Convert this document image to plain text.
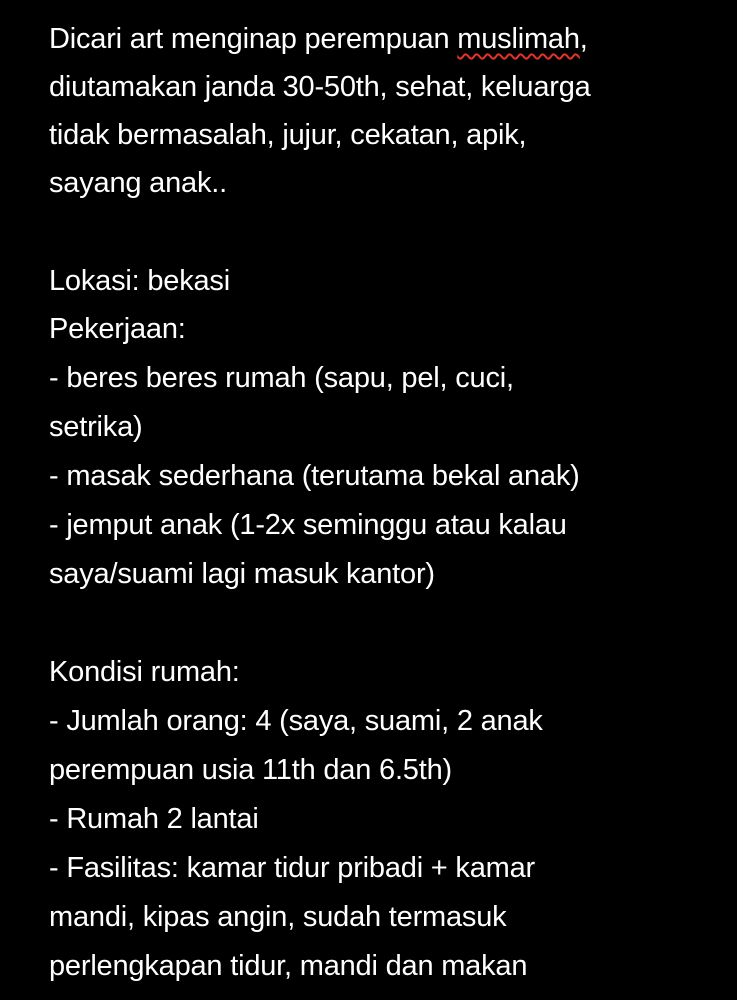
Dicari art menginap perempuan muslimah,
diutamakan janda 30-50th, sehat, keluarga
tidak bermasalah, jujur, cekatan, apik,
sayang anak..
Lokasi: bekasi
Pekerjaan:
- beres beres rumah (sapu, pel, cuci,
setrika)
- masak sederhana (terutama bekal anak)
- jemput anak (1-2x seminggu atau kalau
saya/suami lagi masuk kantor)
Kondisi rumah:
- Jumlah orang: 4 (saya, suami, 2 anak
perempuan usia 11th dan 6.5th)
- Rumah 2 lantai
- Fasilitas: kamar tidur pribadi + kamar
mandi, kipas angin, sudah termasuk
perlengkapan tidur, mandi dan makan
